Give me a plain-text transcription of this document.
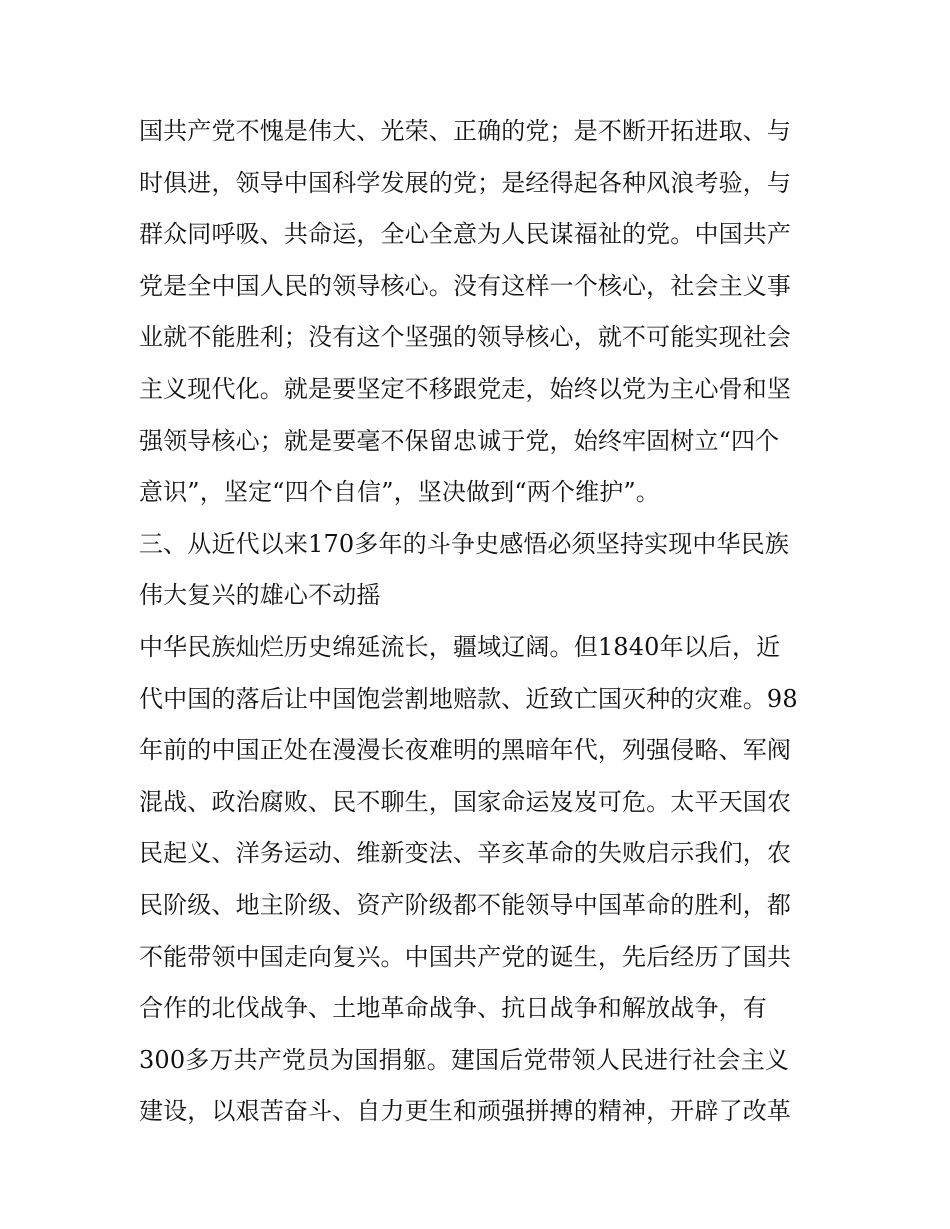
国共产党不愧是伟大、光荣、正确的党；是不断开拓进取、与
时俱进，领导中国科学发展的党；是经得起各种风浪考验，与
群众同呼吸、共命运，全心全意为人民谋福祉的党。中国共产
党是全中国人民的领导核心。没有这样一个核心，社会主义事
业就不能胜利；没有这个坚强的领导核心，就不可能实现社会
主义现代化。就是要坚定不移跟党走，始终以党为主心骨和坚
强领导核心；就是要毫不保留忠诚于党，始终牢固树立“四个
意识”，坚定“四个自信”，坚决做到“两个维护”。
三、从近代以来170多年的斗争史感悟必须坚持实现中华民族
伟大复兴的雄心不动摇
中华民族灿烂历史绵延流长，疆域辽阔。但1840年以后，近
代中国的落后让中国饱尝割地赔款、近致亡国灭种的灾难。98
年前的中国正处在漫漫长夜难明的黑暗年代，列强侵略、军阀
混战、政治腐败、民不聊生，国家命运岌岌可危。太平天国农
民起义、洋务运动、维新变法、辛亥革命的失败启示我们，农
民阶级、地主阶级、资产阶级都不能领导中国革命的胜利，都
不能带领中国走向复兴。中国共产党的诞生，先后经历了国共
合作的北伐战争、土地革命战争、抗日战争和解放战争，有
300多万共产党员为国捐躯。建国后党带领人民进行社会主义
建设，以艰苦奋斗、自力更生和顽强拼搏的精神，开辟了改革
